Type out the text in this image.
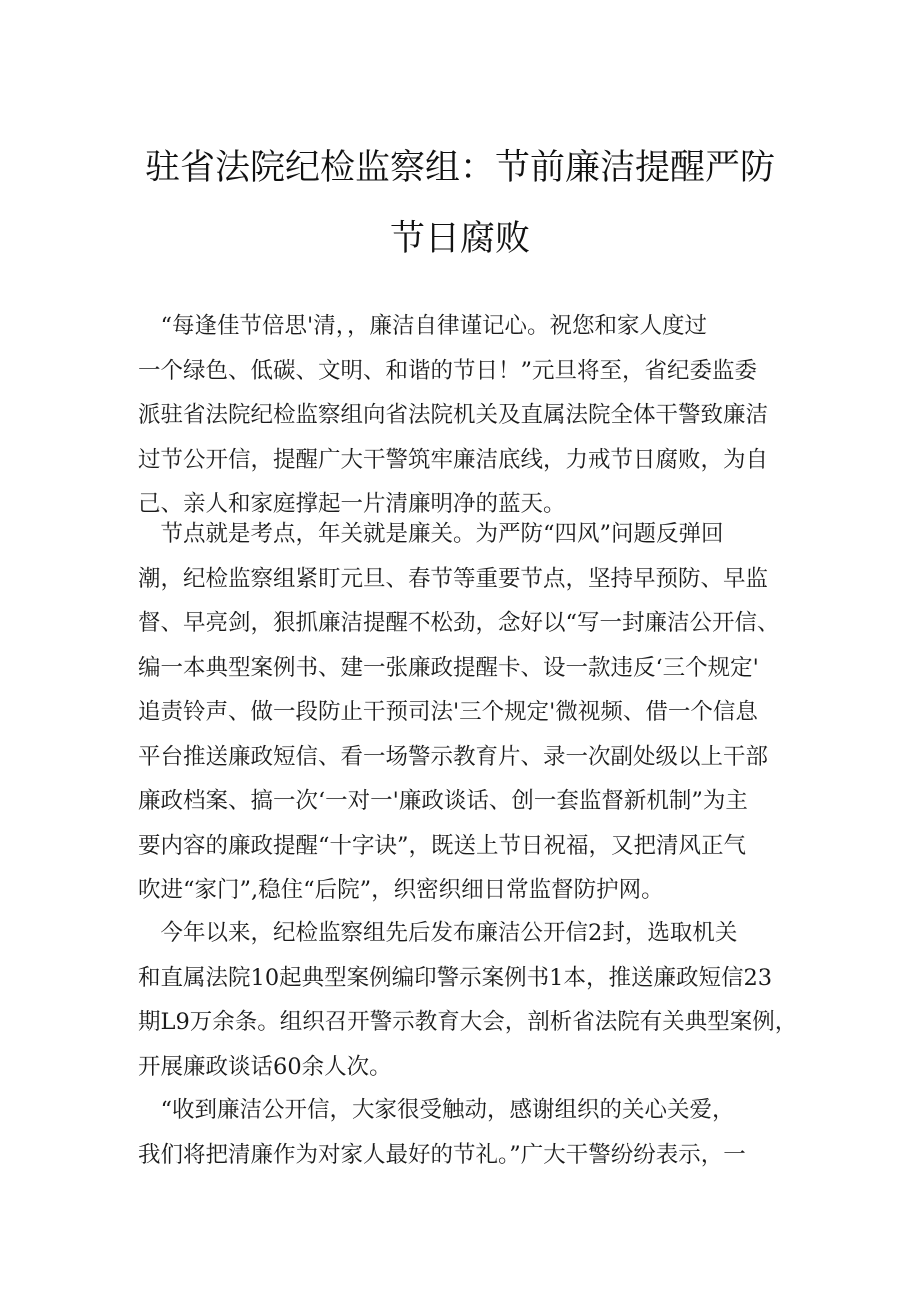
驻省法院纪检监察组：节前廉洁提醒严防
节日腐败
　“每逢佳节倍思'清，，廉洁自律谨记心。祝您和家人度过
一个绿色、低碳、文明、和谐的节日！”元旦将至，省纪委监委
派驻省法院纪检监察组向省法院机关及直属法院全体干警致廉洁
过节公开信，提醒广大干警筑牢廉洁底线，力戒节日腐败，为自
己、亲人和家庭撑起一片清廉明净的蓝天。
　节点就是考点，年关就是廉关。为严防“四风”问题反弹回
潮，纪检监察组紧盯元旦、春节等重要节点，坚持早预防、早监
督、早亮剑，狠抓廉洁提醒不松劲，念好以“写一封廉洁公开信、
编一本典型案例书、建一张廉政提醒卡、设一款违反‘三个规定'
追责铃声、做一段防止干预司法'三个规定'微视频、借一个信息
平台推送廉政短信、看一场警示教育片、录一次副处级以上干部
廉政档案、搞一次‘一对一'廉政谈话、创一套监督新机制”为主
要内容的廉政提醒“十字诀”，既送上节日祝福，又把清风正气
吹进“家门”,稳住“后院”，织密织细日常监督防护网。
　今年以来，纪检监察组先后发布廉洁公开信2封，选取机关
和直属法院10起典型案例编印警示案例书1本，推送廉政短信23
期L9万余条。组织召开警示教育大会，剖析省法院有关典型案例，
开展廉政谈话60余人次。
　“收到廉洁公开信，大家很受触动，感谢组织的关心关爱，
我们将把清廉作为对家人最好的节礼。”广大干警纷纷表示，一
